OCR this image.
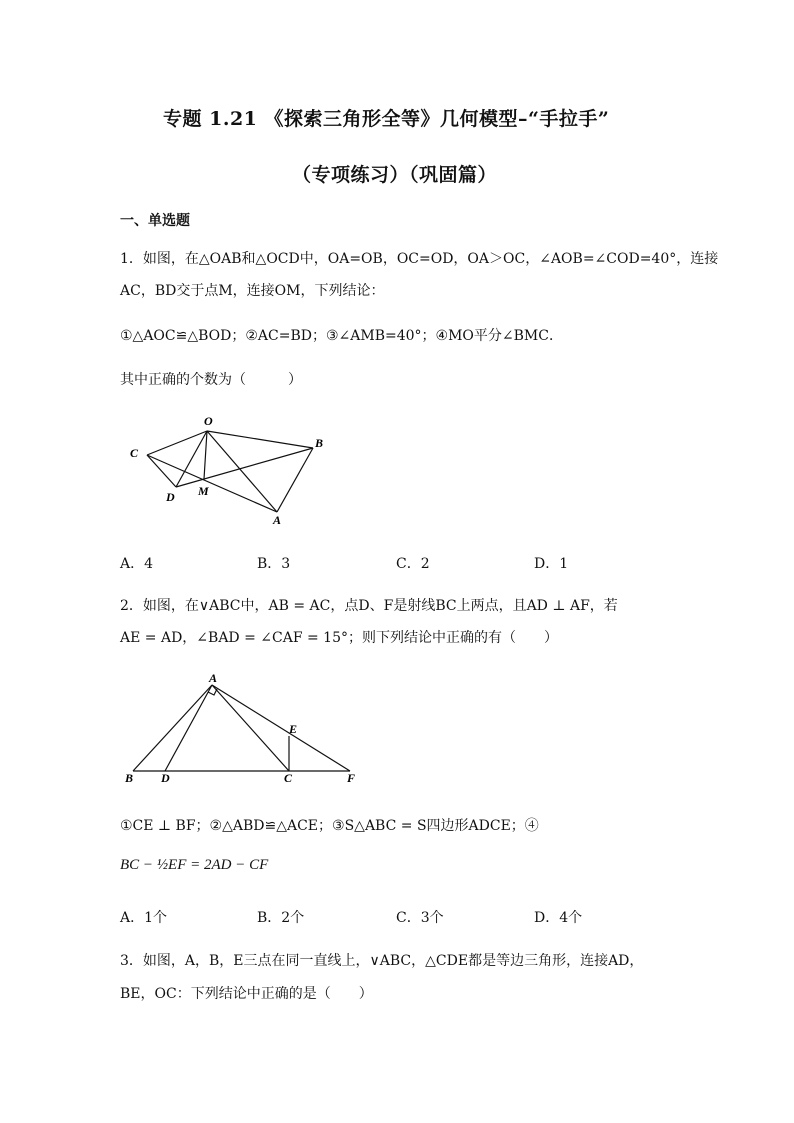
专题 1.21 《探索三角形全等》几何模型–“手拉手”
（专项练习）（巩固篇）
一、单选题
1．如图，在△OAB和△OCD中，OA=OB，OC=OD，OA＞OC，∠AOB=∠COD=40°，连接
AC，BD交于点M，连接OM，下列结论：
①△AOC≌△BOD；②AC=BD；③∠AMB=40°；④MO平分∠BMC．
其中正确的个数为（　　　）
O
B
C
D M
A
A．4	B．3	C．2	D．1
2．如图，在∨ABC中，AB = AC，点D、F是射线BC上两点，且AD ⊥ AF，若
AE = AD，∠BAD = ∠CAF = 15°；则下列结论中正确的有（　　）
A
E
B D	C	F
①CE ⊥ BF；②△ABD≌△ACE；③S△ABC = S四边形ADCE；④
BC − ½EF = 2AD − CF
A．1个	B．2个	C．3个	D．4个
3．如图，A，B，E三点在同一直线上，∨ABC，△CDE都是等边三角形，连接AD，
BE，OC：下列结论中正确的是（　　）
